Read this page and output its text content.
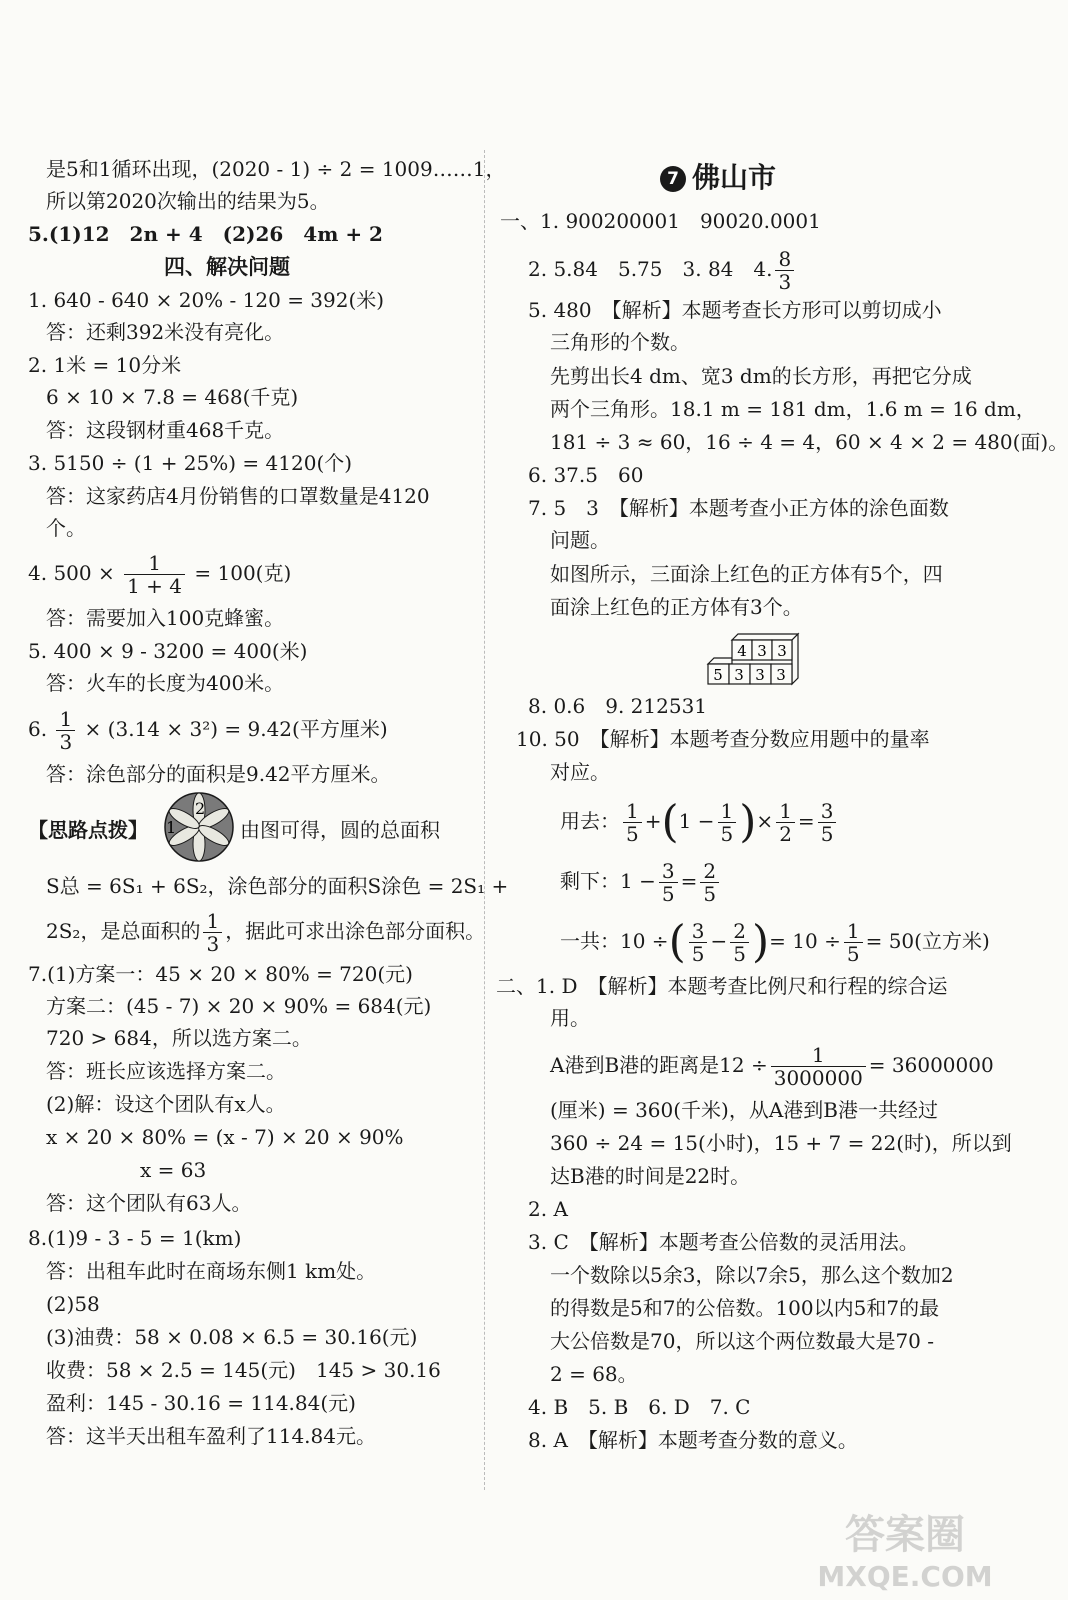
是5和1循环出现，(2020 - 1) ÷ 2 = 1009……1，
所以第2020次输出的结果为5。
5.(1)12　2n + 4　(2)26　4m + 2
四、解决问题
1. 640 - 640 × 20% - 120 = 392(米)
答：还剩392米没有亮化。
2. 1米 = 10分米
6 × 10 × 7.8 = 468(千克)
答：这段钢材重468千克。
3. 5150 ÷ (1 + 25%) = 4120(个)
答：这家药店4月份销售的口罩数量是4120
个。
4. $500 \times \frac{1}{1 + 4} = 100$(克)
答：需要加入100克蜂蜜。
5. 400 × 9 - 3200 = 400(米)
答：火车的长度为400米。
6. $\frac{1}{3} \times (3.14 \times 3^2) = 9.42$(平方厘米)
答：涂色部分的面积是9.42平方厘米。
【思路点拨】 1
2
由图可得，圆的总面积
S总 = 6S₁ + 6S₂，涂色部分的面积S涂色 = 2S₁ +
2S₂，是总面积的 $\frac{1}{3}$ ，据此可求出涂色部分面积。
7.(1)方案一：45 × 20 × 80% = 720(元)
方案二：(45 - 7) × 20 × 90% = 684(元)
720 > 684，所以选方案二。
答：班长应该选择方案二。
(2)解：设这个团队有x人。
x × 20 × 80% = (x - 7) × 20 × 90%
x = 63
答：这个团队有63人。
8.(1)9 - 3 - 5 = 1(km)
答：出租车此时在商场东侧1 km处。
(2)58
(3)油费：58 × 0.08 × 6.5 = 30.16(元)
收费：58 × 2.5 = 145(元)　145 > 30.16
盈利：145 - 30.16 = 114.84(元)
答：这半天出租车盈利了114.84元。
7 佛山市
一、1. 900200001　90020.0001
2. 5.84　5.75　3. 84　4. $\frac{8}{3}$
5. 480　【解析】本题考查长方形可以剪切成小
三角形的个数。
先剪出长4 dm、宽3 dm的长方形，再把它分成
两个三角形。18.1 m = 181 dm，1.6 m = 16 dm，
181 ÷ 3 ≈ 60，16 ÷ 4 = 4，60 × 4 × 2 = 480(面)。
6. 37.5　60
7. 5　3　【解析】本题考查小正方体的涂色面数
问题。
如图所示，三面涂上红色的正方体有5个，四
面涂上红色的正方体有3个。
4 3 3
5 3 3 3
8. 0.6　9. 212531
10. 50　【解析】本题考查分数应用题中的量率
对应。
用去： $\frac{1}{5} +(1 - \frac{1}{5}$ )× $\frac{1}{2} = \frac{3}{5}$
剩下：$1 - \frac{3}{5} = \frac{2}{5}$
一共：10 ÷( $\frac{3}{5} - \frac{2}{5}$ )= $10 \div \frac{1}{5} = 50$(立方米)
二、1. D　【解析】本题考查比例尺和行程的综合运
用。
A港到B港的距离是$12 \div \frac{1}{3000000} = 36000000$
(厘米) = 360(千米)，从A港到B港一共经过
360 ÷ 24 = 15(小时)，15 + 7 = 22(时)，所以到
达B港的时间是22时。
2. A
3. C　【解析】本题考查公倍数的灵活用法。
一个数除以5余3，除以7余5，那么这个数加2
的得数是5和7的公倍数。100以内5和7的最
大公倍数是70，所以这个两位数最大是70 -
2 = 68。
4. B　5. B　6. D　7. C
8. A　【解析】本题考查分数的意义。
答案圈
MXQE.COM
